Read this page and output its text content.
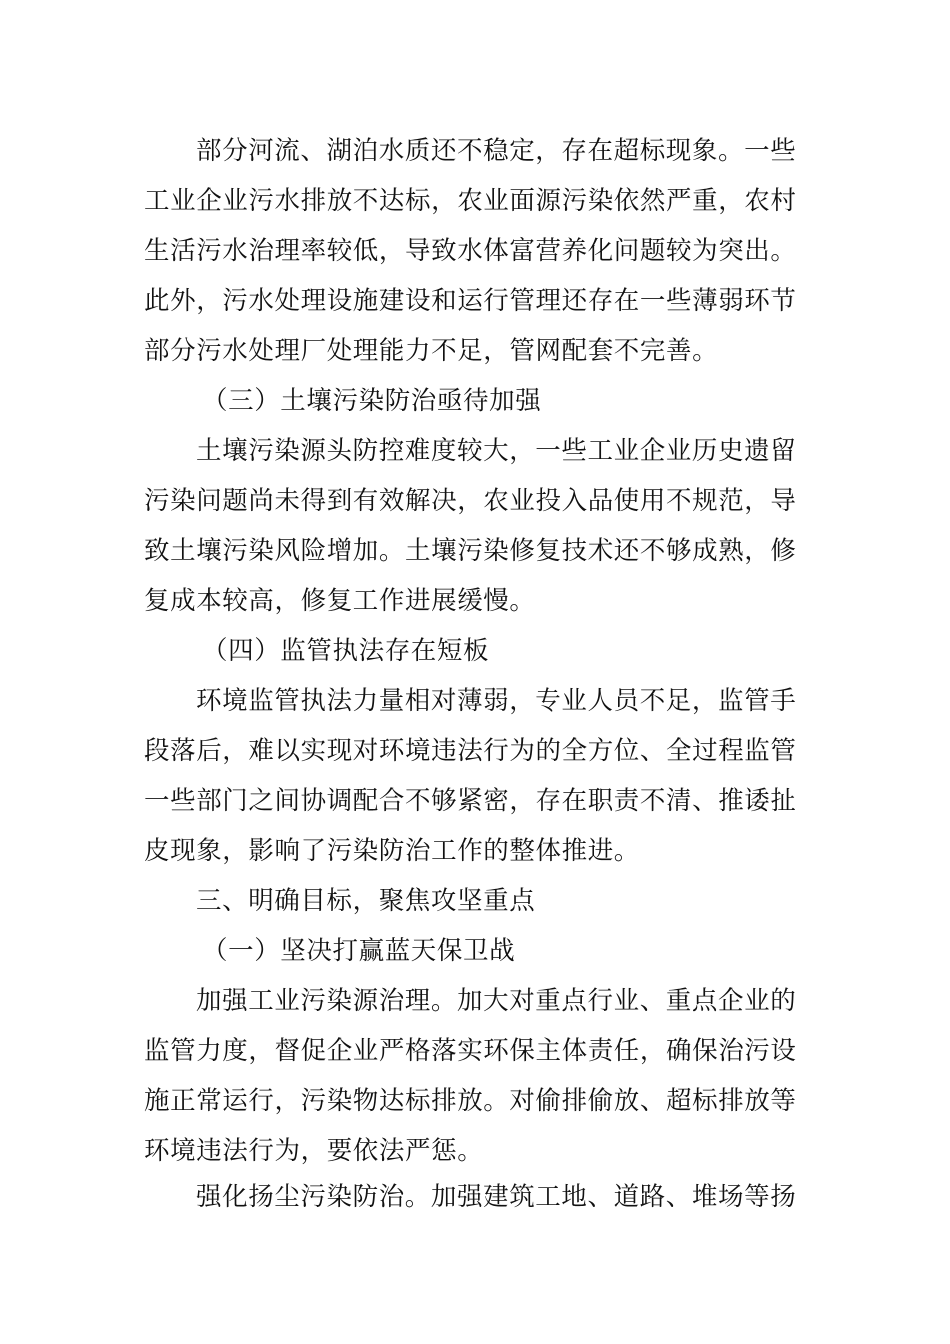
部分河流、湖泊水质还不稳定，存在超标现象。一些
工业企业污水排放不达标，农业面源污染依然严重，农村
生活污水治理率较低，导致水体富营养化问题较为突出。
此外，污水处理设施建设和运行管理还存在一些薄弱环节
部分污水处理厂处理能力不足，管网配套不完善。
（三）土壤污染防治亟待加强
土壤污染源头防控难度较大，一些工业企业历史遗留
污染问题尚未得到有效解决，农业投入品使用不规范，导
致土壤污染风险增加。土壤污染修复技术还不够成熟，修
复成本较高，修复工作进展缓慢。
（四）监管执法存在短板
环境监管执法力量相对薄弱，专业人员不足，监管手
段落后，难以实现对环境违法行为的全方位、全过程监管
一些部门之间协调配合不够紧密，存在职责不清、推诿扯
皮现象，影响了污染防治工作的整体推进。
三、明确目标，聚焦攻坚重点
（一）坚决打赢蓝天保卫战
加强工业污染源治理。加大对重点行业、重点企业的
监管力度，督促企业严格落实环保主体责任，确保治污设
施正常运行，污染物达标排放。对偷排偷放、超标排放等
环境违法行为，要依法严惩。
强化扬尘污染防治。加强建筑工地、道路、堆场等扬
